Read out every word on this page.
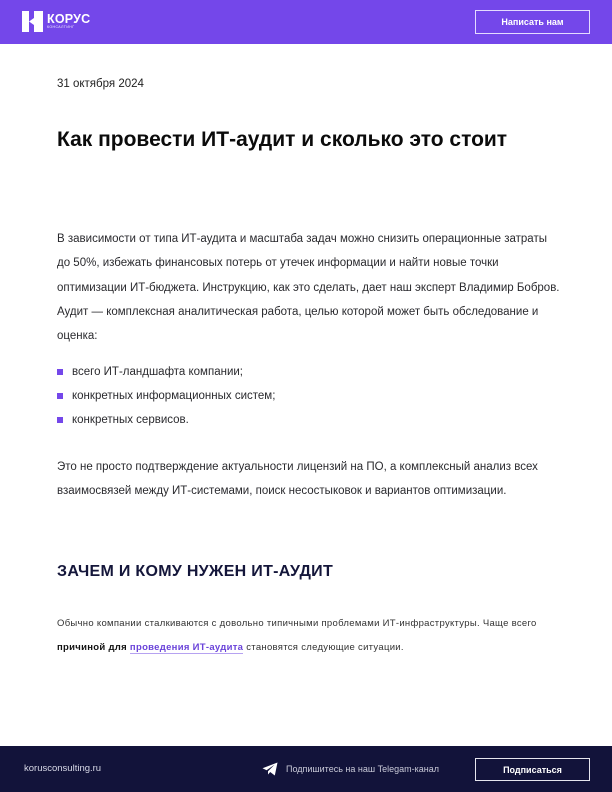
КОРУС
КОНСАЛТИНГ	Написать нам
31 октября 2024
Как провести ИТ-аудит и сколько это стоит

В зависимости от типа ИТ-аудита и масштаба задач можно снизить операционные затраты до 50%, избежать финансовых потерь от утечек информации и найти новые точки оптимизации ИТ-бюджета. Инструкцию, как это сделать, дает наш эксперт Владимир Бобров. Аудит — комплексная аналитическая работа, целью которой может быть обследование и оценка:

всего ИТ-ландшафта компании;
конкретных информационных систем;
конкретных сервисов.

Это не просто подтверждение актуальности лицензий на ПО, а комплексный анализ всех взаимосвязей между ИТ-системами, поиск несостыковок и вариантов оптимизации.

ЗАЧЕМ И КОМУ НУЖЕН ИТ-АУДИТ

Обычно компании сталкиваются с довольно типичными проблемами ИТ-инфраструктуры. Чаще всего причиной для проведения ИТ-аудита становятся следующие ситуации.

korusconsulting.ru	Подпишитесь на наш Telegam-канал	Подписаться
